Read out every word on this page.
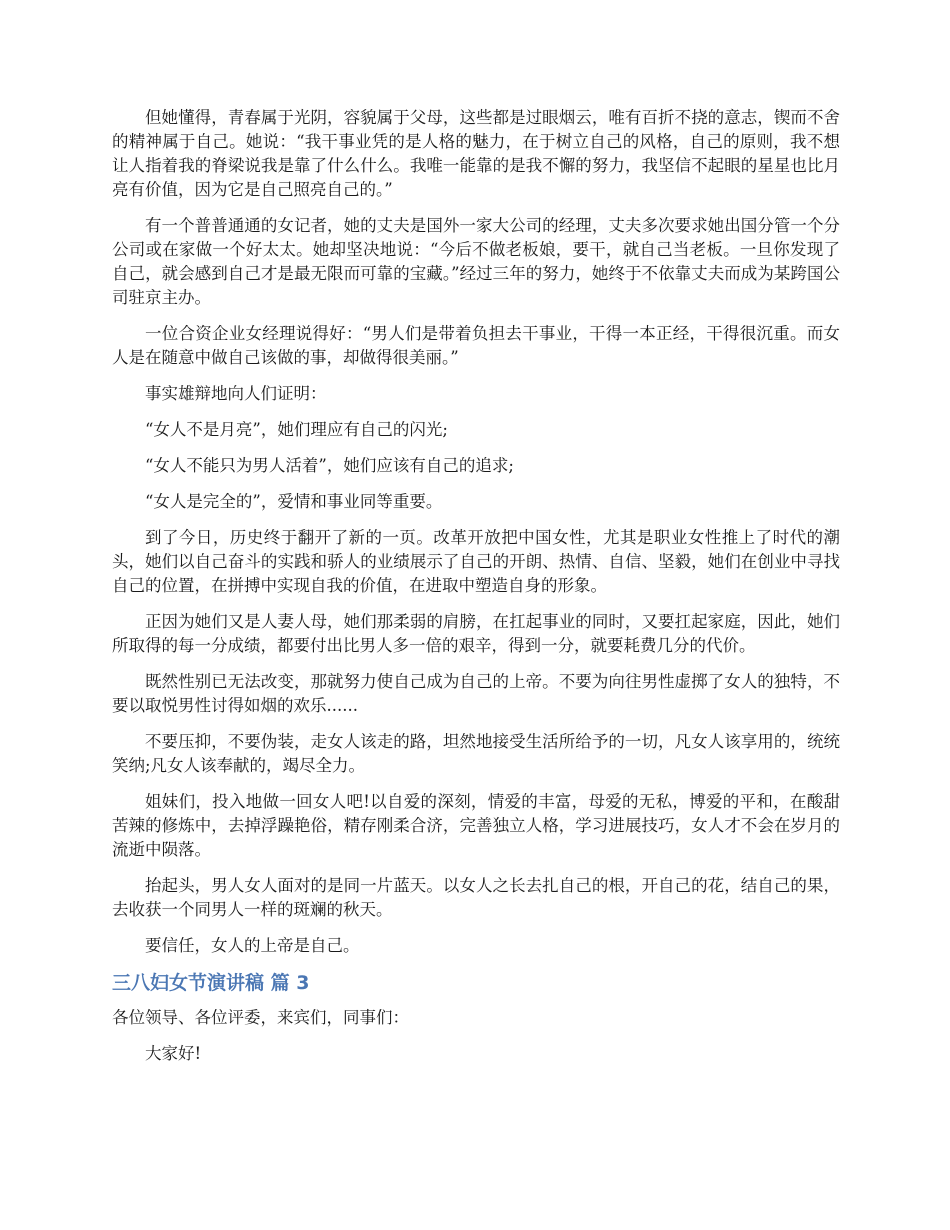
但她懂得，青春属于光阴，容貌属于父母，这些都是过眼烟云，唯有百折不挠的意志，锲而不舍的精神属于自己。她说：“我干事业凭的是人格的魅力，在于树立自己的风格，自己的原则，我不想让人指着我的脊梁说我是靠了什么什么。我唯一能靠的是我不懈的努力，我坚信不起眼的星星也比月亮有价值，因为它是自己照亮自己的。”

有一个普普通通的女记者，她的丈夫是国外一家大公司的经理，丈夫多次要求她出国分管一个分公司或在家做一个好太太。她却坚决地说：“今后不做老板娘，要干，就自己当老板。一旦你发现了自己，就会感到自己才是最无限而可靠的宝藏。”经过三年的努力，她终于不依靠丈夫而成为某跨国公司驻京主办。

一位合资企业女经理说得好：“男人们是带着负担去干事业，干得一本正经，干得很沉重。而女人是在随意中做自己该做的事，却做得很美丽。”

事实雄辩地向人们证明：

“女人不是月亮”，她们理应有自己的闪光;

“女人不能只为男人活着”，她们应该有自己的追求;

“女人是完全的”，爱情和事业同等重要。

到了今日，历史终于翻开了新的一页。改革开放把中国女性，尤其是职业女性推上了时代的潮头，她们以自己奋斗的实践和骄人的业绩展示了自己的开朗、热情、自信、坚毅，她们在创业中寻找自己的位置，在拼搏中实现自我的价值，在进取中塑造自身的形象。

正因为她们又是人妻人母，她们那柔弱的肩膀，在扛起事业的同时，又要扛起家庭，因此，她们所取得的每一分成绩，都要付出比男人多一倍的艰辛，得到一分，就要耗费几分的代价。

既然性别已无法改变，那就努力使自己成为自己的上帝。不要为向往男性虚掷了女人的独特，不要以取悦男性讨得如烟的欢乐......

不要压抑，不要伪装，走女人该走的路，坦然地接受生活所给予的一切，凡女人该享用的，统统笑纳;凡女人该奉献的，竭尽全力。

姐妹们，投入地做一回女人吧!以自爱的深刻，情爱的丰富，母爱的无私，博爱的平和，在酸甜苦辣的修炼中，去掉浮躁艳俗，精存刚柔合济，完善独立人格，学习进展技巧，女人才不会在岁月的流逝中陨落。

抬起头，男人女人面对的是同一片蓝天。以女人之长去扎自己的根，开自己的花，结自己的果，去收获一个同男人一样的斑斓的秋天。

要信任，女人的上帝是自己。

三八妇女节演讲稿 篇 3

各位领导、各位评委，来宾们，同事们：

大家好!
